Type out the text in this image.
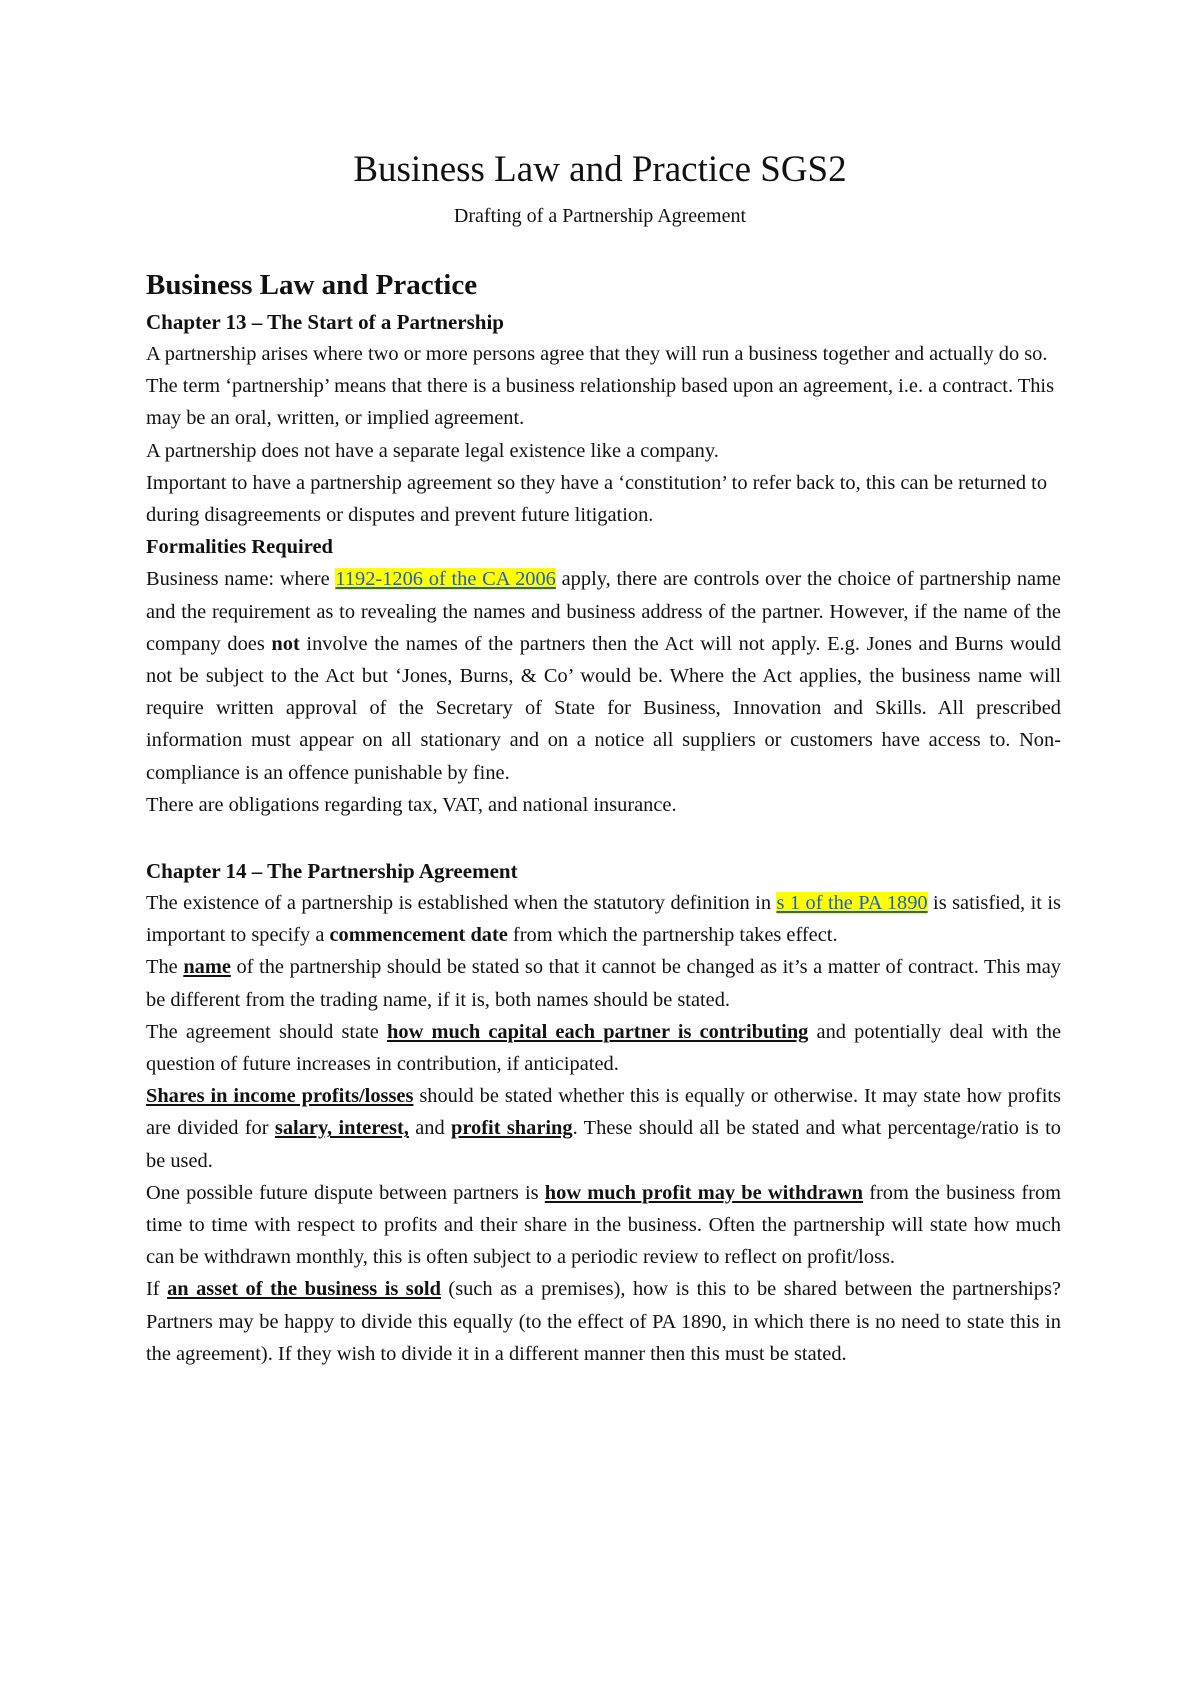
Business Law and Practice SGS2
Drafting of a Partnership Agreement
Business Law and Practice
Chapter 13 – The Start of a Partnership

A partnership arises where two or more persons agree that they will run a business together and actually do so. The term ‘partnership’ means that there is a business relationship based upon an agreement, i.e. a contract. This may be an oral, written, or implied agreement.

A partnership does not have a separate legal existence like a company.

Important to have a partnership agreement so they have a ‘constitution’ to refer back to, this can be returned to during disagreements or disputes and prevent future litigation.

Formalities Required

Business name: where 1192-1206 of the CA 2006 apply, there are controls over the choice of partnership name and the requirement as to revealing the names and business address of the partner. However, if the name of the company does not involve the names of the partners then the Act will not apply. E.g. Jones and Burns would not be subject to the Act but ‘Jones, Burns, & Co’ would be. Where the Act applies, the business name will require written approval of the Secretary of State for Business, Innovation and Skills. All prescribed information must appear on all stationary and on a notice all suppliers or customers have access to. Non-compliance is an offence punishable by fine.

There are obligations regarding tax, VAT, and national insurance.

Chapter 14 – The Partnership Agreement

The existence of a partnership is established when the statutory definition in s 1 of the PA 1890 is satisfied, it is important to specify a commencement date from which the partnership takes effect.

The name of the partnership should be stated so that it cannot be changed as it’s a matter of contract. This may be different from the trading name, if it is, both names should be stated.

The agreement should state how much capital each partner is contributing and potentially deal with the question of future increases in contribution, if anticipated.

Shares in income profits/losses should be stated whether this is equally or otherwise. It may state how profits are divided for salary, interest, and profit sharing. These should all be stated and what percentage/ratio is to be used.

One possible future dispute between partners is how much profit may be withdrawn from the business from time to time with respect to profits and their share in the business. Often the partnership will state how much can be withdrawn monthly, this is often subject to a periodic review to reflect on profit/loss.

If an asset of the business is sold (such as a premises), how is this to be shared between the partnerships? Partners may be happy to divide this equally (to the effect of PA 1890, in which there is no need to state this in the agreement). If they wish to divide it in a different manner then this must be stated.
